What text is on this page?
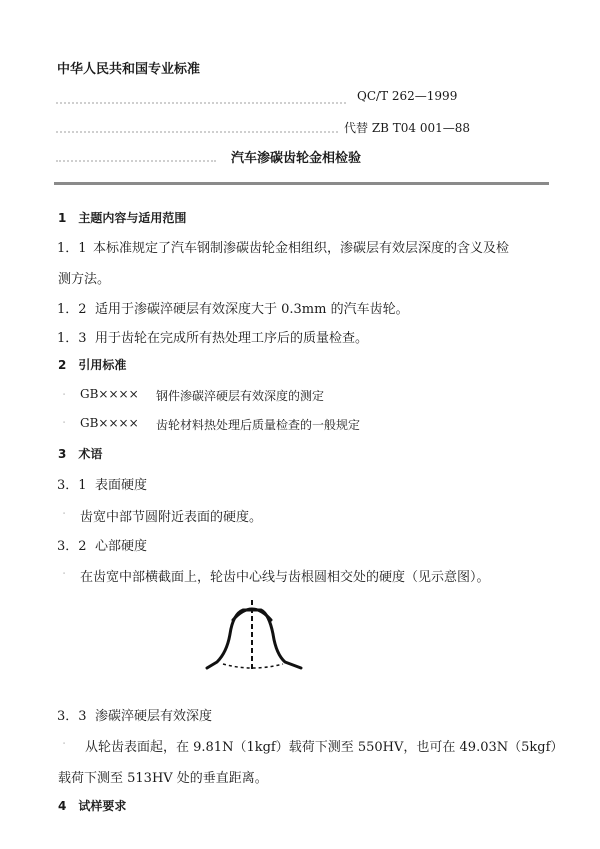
中华人民共和国专业标准
QC/T 262—1999
代替 ZB T04 001—88
汽车渗碳齿轮金相检验
1　主题内容与适用范围
1．1 本标准规定了汽车钢制渗碳齿轮金相组织，渗碳层有效层深度的含义及检
测方法。
1．2 适用于渗碳淬硬层有效深度大于 0.3mm 的汽车齿轮。
1．3 用于齿轮在完成所有热处理工序后的质量检查。
2　引用标准
. GB×××× 钢件渗碳淬硬层有效深度的测定
. GB×××× 齿轮材料热处理后质量检查的一般规定
3　术语
3．1 表面硬度
. 齿宽中部节圆附近表面的硬度。
3．2 心部硬度
. 在齿宽中部横截面上，轮齿中心线与齿根圆相交处的硬度（见示意图）。
3．3 渗碳淬硬层有效深度
. 从轮齿表面起，在 9.81N（1kgf）载荷下测至 550HV，也可在 49.03N（5kgf）
载荷下测至 513HV 处的垂直距离。
4　试样要求
